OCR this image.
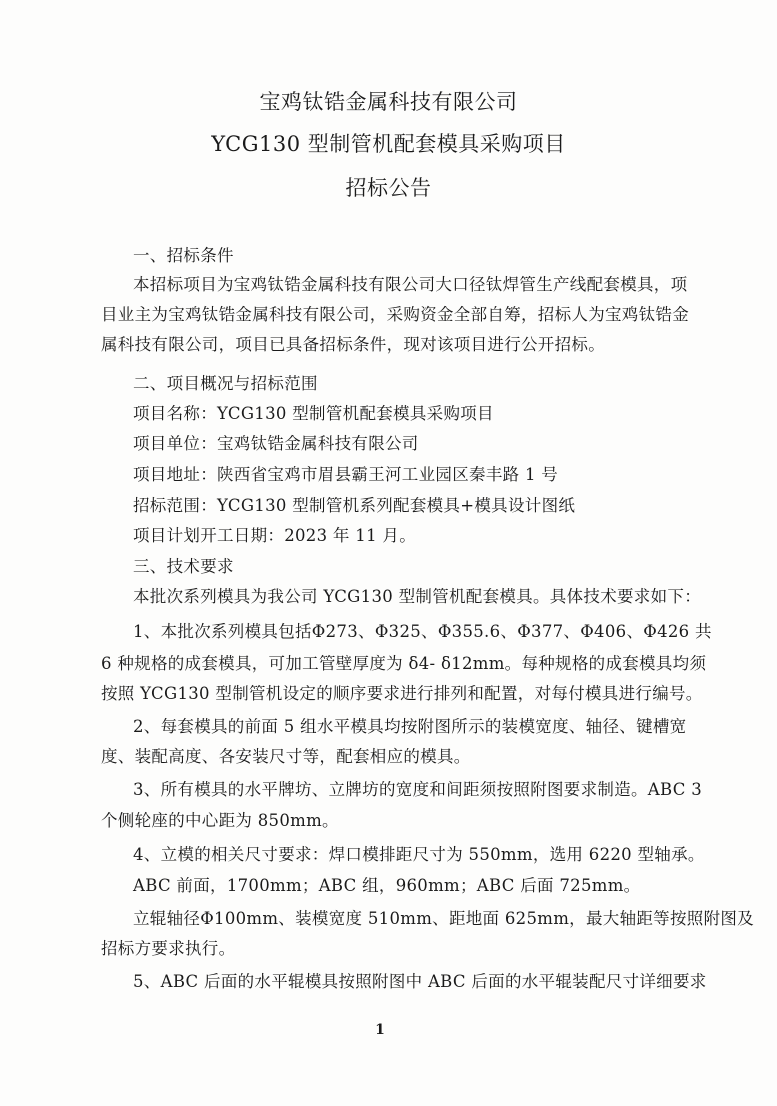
宝鸡钛锆金属科技有限公司
YCG130 型制管机配套模具采购项目
招标公告
一、招标条件
本招标项目为宝鸡钛锆金属科技有限公司大口径钛焊管生产线配套模具，项
目业主为宝鸡钛锆金属科技有限公司，采购资金全部自筹，招标人为宝鸡钛锆金
属科技有限公司，项目已具备招标条件，现对该项目进行公开招标。
二、项目概况与招标范围
项目名称：YCG130 型制管机配套模具采购项目
项目单位：宝鸡钛锆金属科技有限公司
项目地址：陕西省宝鸡市眉县霸王河工业园区秦丰路 1 号
招标范围：YCG130 型制管机系列配套模具+模具设计图纸
项目计划开工日期：2023 年 11 月。
三、技术要求
本批次系列模具为我公司 YCG130 型制管机配套模具。具体技术要求如下：
1、本批次系列模具包括Φ273、Φ325、Φ355.6、Φ377、Φ406、Φ426 共
6 种规格的成套模具，可加工管壁厚度为 δ4- δ12mm。每种规格的成套模具均须
按照 YCG130 型制管机设定的顺序要求进行排列和配置，对每付模具进行编号。
2、每套模具的前面 5 组水平模具均按附图所示的装模宽度、轴径、键槽宽
度、装配高度、各安装尺寸等，配套相应的模具。
3、所有模具的水平牌坊、立牌坊的宽度和间距须按照附图要求制造。ABC 3
个侧轮座的中心距为 850mm。
4、立模的相关尺寸要求：焊口模排距尺寸为 550mm，选用 6220 型轴承。
ABC 前面，1700mm；ABC 组，960mm；ABC 后面 725mm。
立辊轴径Φ100mm、装模宽度 510mm、距地面 625mm，最大轴距等按照附图及
招标方要求执行。
5、ABC 后面的水平辊模具按照附图中 ABC 后面的水平辊装配尺寸详细要求
1
